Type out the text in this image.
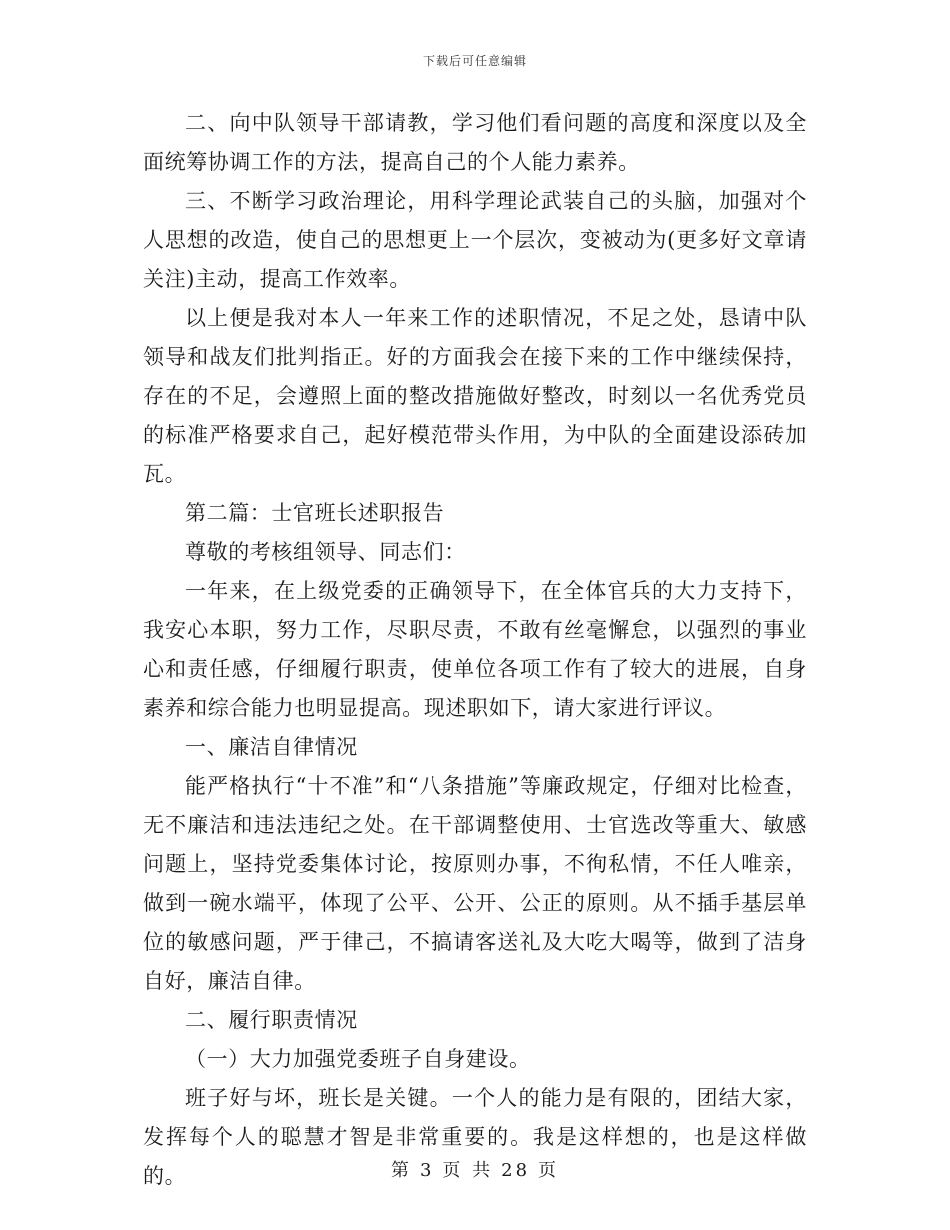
下载后可任意编辑

二、向中队领导干部请教，学习他们看问题的高度和深度以及全面统筹协调工作的方法，提高自己的个人能力素养。

三、不断学习政治理论，用科学理论武装自己的头脑，加强对个人思想的改造，使自己的思想更上一个层次，变被动为(更多好文章请关注)主动，提高工作效率。

以上便是我对本人一年来工作的述职情况，不足之处，恳请中队领导和战友们批判指正。好的方面我会在接下来的工作中继续保持，存在的不足，会遵照上面的整改措施做好整改，时刻以一名优秀党员的标准严格要求自己，起好模范带头作用，为中队的全面建设添砖加瓦。

第二篇：士官班长述职报告

尊敬的考核组领导、同志们：

一年来，在上级党委的正确领导下，在全体官兵的大力支持下，我安心本职，努力工作，尽职尽责，不敢有丝毫懈怠，以强烈的事业心和责任感，仔细履行职责，使单位各项工作有了较大的进展，自身素养和综合能力也明显提高。现述职如下，请大家进行评议。

一、廉洁自律情况

能严格执行“十不准”和“八条措施”等廉政规定，仔细对比检查，无不廉洁和违法违纪之处。在干部调整使用、士官选改等重大、敏感问题上，坚持党委集体讨论，按原则办事，不徇私情，不任人唯亲，做到一碗水端平，体现了公平、公开、公正的原则。从不插手基层单位的敏感问题，严于律己，不搞请客送礼及大吃大喝等，做到了洁身自好，廉洁自律。

二、履行职责情况

（一）大力加强党委班子自身建设。

班子好与坏，班长是关键。一个人的能力是有限的，团结大家，发挥每个人的聪慧才智是非常重要的。我是这样想的，也是这样做的。	第 3 页 共 28 页
